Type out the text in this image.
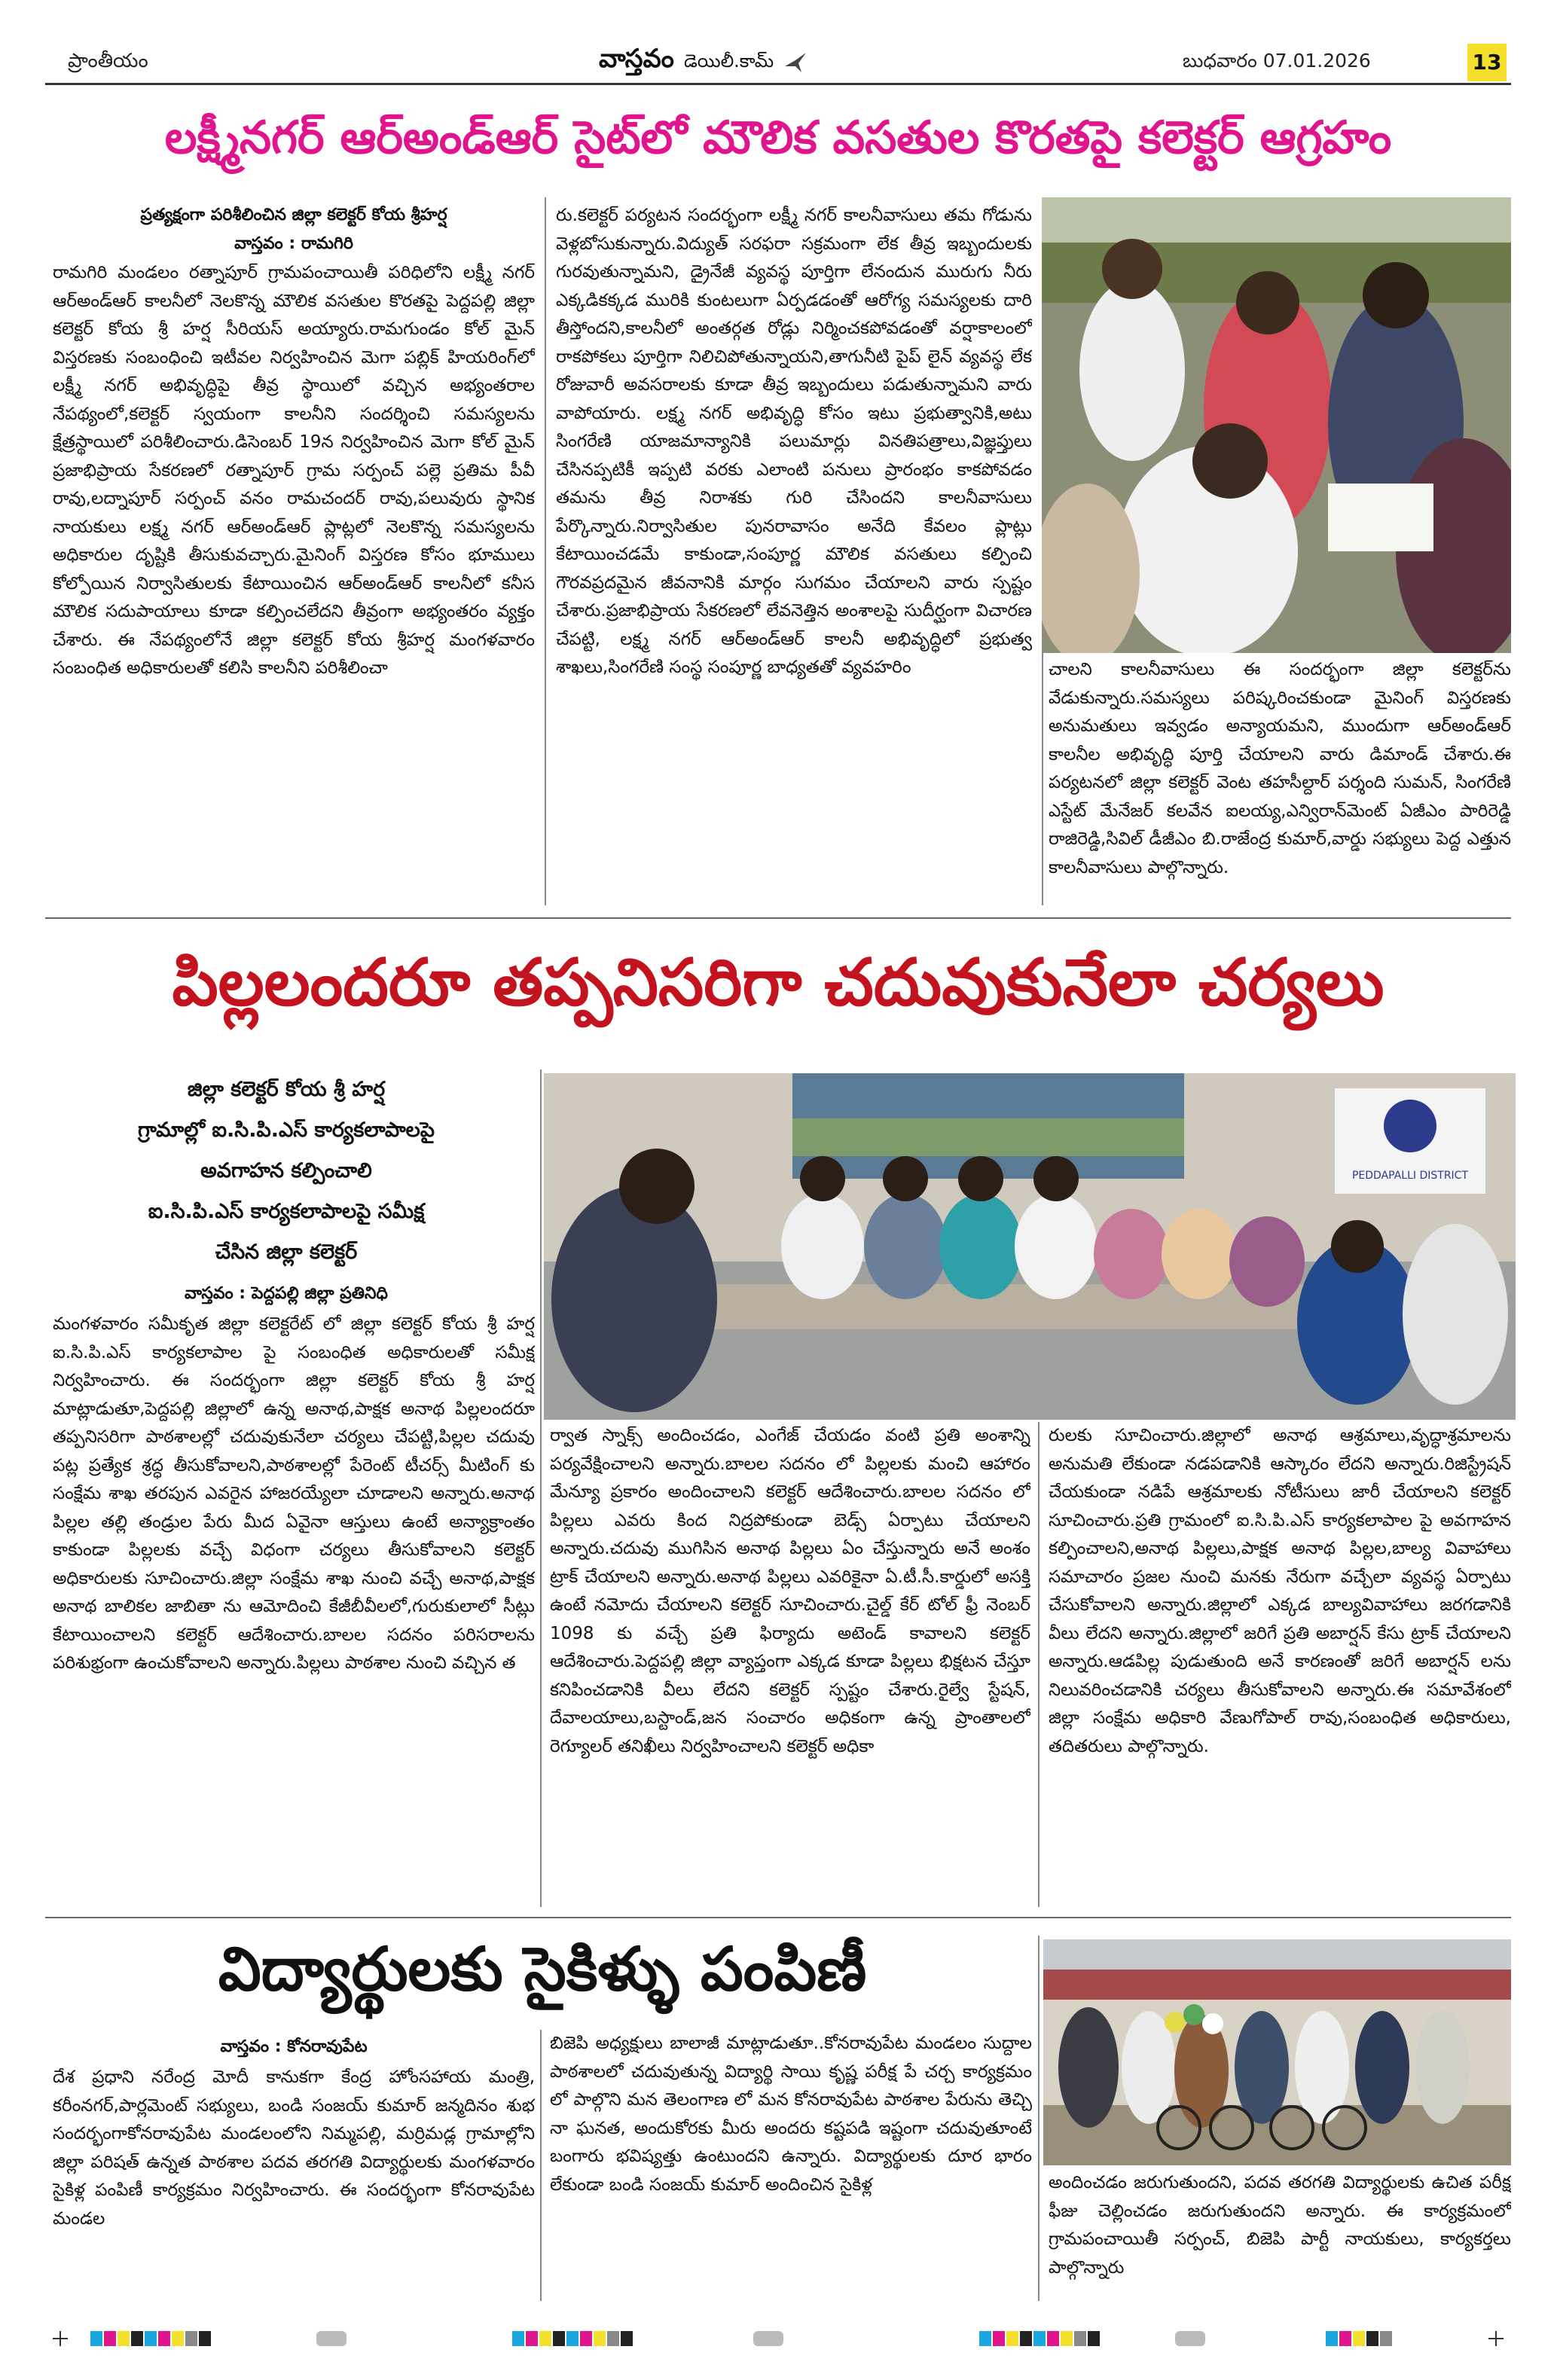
ప్రాంతీయం	వాస్తవం డెయిలీ.కామ్	బుధవారం 07.01.2026	13
లక్ష్మీనగర్ ఆర్అండ్ఆర్ సైట్‌లో మౌలిక వసతుల కొరతపై కలెక్టర్ ఆగ్రహం
ప్రత్యక్షంగా పరిశీలించిన జిల్లా కలెక్టర్ కోయ శ్రీహర్ష
వాస్తవం : రామగిరి

రామగిరి మండలం రత్నాపూర్ గ్రామపంచాయితీ పరిధిలోని లక్ష్మీ నగర్ ఆర్అండ్ఆర్ కాలనీలో నెలకొన్న మౌలిక వసతుల కొరతపై పెద్దపల్లి జిల్లా కలెక్టర్ కోయ శ్రీ హర్ష సీరియస్ అయ్యారు.రామగుండం కోల్ మైన్ విస్తరణకు సంబంధించి ఇటీవల నిర్వహించిన మెగా పబ్లిక్ హియరింగ్‌లో లక్ష్మీ నగర్ అభివృద్ధిపై తీవ్ర స్థాయిలో వచ్చిన అభ్యంతరాల నేపథ్యంలో,కలెక్టర్ స్వయంగా కాలనీని సందర్శించి సమస్యలను క్షేత్రస్థాయిలో పరిశీలించారు.డిసెంబర్ 19న నిర్వహించిన మెగా కోల్ మైన్ ప్రజాభిప్రాయ సేకరణలో రత్నాపూర్ గ్రామ సర్పంచ్ పల్లె ప్రతిమ పీవీ రావు,లద్నాపూర్ సర్పంచ్ వనం రామచందర్ రావు,పలువురు స్థానిక నాయకులు లక్ష్మ నగర్ ఆర్అండ్ఆర్ ప్లాట్లలో నెలకొన్న సమస్యలను అధికారుల దృష్టికి తీసుకువచ్చారు.మైనింగ్ విస్తరణ కోసం భూములు కోల్పోయిన నిర్వాసితులకు కేటాయించిన ఆర్అండ్ఆర్ కాలనీలో కనీస మౌలిక సదుపాయాలు కూడా కల్పించలేదని తీవ్రంగా అభ్యంతరం వ్యక్తం చేశారు. ఈ నేపథ్యంలోనే జిల్లా కలెక్టర్ కోయ శ్రీహర్ష మంగళవారం సంబంధిత అధికారులతో కలిసి కాలనీని పరిశీలించా

రు.కలెక్టర్ పర్యటన సందర్భంగా లక్ష్మీ నగర్ కాలనీవాసులు తమ గోడును వెళ్లబోసుకున్నారు.విద్యుత్ సరఫరా సక్రమంగా లేక తీవ్ర ఇబ్బందులకు గురవుతున్నామని, డ్రైనేజీ వ్యవస్థ పూర్తిగా లేనందున మురుగు నీరు ఎక్కడికక్కడ మురికి కుంటలుగా ఏర్పడడంతో ఆరోగ్య సమస్యలకు దారి తీస్తోందని,కాలనీలో అంతర్గత రోడ్లు నిర్మించకపోవడంతో వర్షాకాలంలో రాకపోకలు పూర్తిగా నిలిచిపోతున్నాయని,తాగునీటి పైప్ లైన్ వ్యవస్థ లేక రోజువారీ అవసరాలకు కూడా తీవ్ర ఇబ్బందులు పడుతున్నామని వారు వాపోయారు. లక్ష్మ నగర్ అభివృద్ధి కోసం ఇటు ప్రభుత్వానికి,అటు సింగరేణి యాజమాన్యానికి పలుమార్లు వినతిపత్రాలు,విజ్ఞప్తులు చేసినప్పటికీ ఇప్పటి వరకు ఎలాంటి పనులు ప్రారంభం కాకపోవడం తమను తీవ్ర నిరాశకు గురి చేసిందని కాలనీవాసులు పేర్కొన్నారు.నిర్వాసితుల పునరావాసం అనేది కేవలం ప్లాట్లు కేటాయించడమే కాకుండా,సంపూర్ణ మౌలిక వసతులు కల్పించి గౌరవప్రదమైన జీవనానికి మార్గం సుగమం చేయాలని వారు స్పష్టం చేశారు.ప్రజాభిప్రాయ సేకరణలో లేవనెత్తిన అంశాలపై సుదీర్ఘంగా విచారణ చేపట్టి, లక్ష్మ నగర్ ఆర్అండ్ఆర్ కాలనీ అభివృద్ధిలో ప్రభుత్వ శాఖలు,సింగరేణి సంస్థ సంపూర్ణ బాధ్యతతో వ్యవహరిం	చాలని కాలనీవాసులు ఈ సందర్భంగా జిల్లా కలెక్టర్‌ను వేడుకున్నారు.సమస్యలు పరిష్కరించకుండా మైనింగ్ విస్తరణకు అనుమతులు ఇవ్వడం అన్యాయమని, ముందుగా ఆర్అండ్ఆర్ కాలనీల అభివృద్ధి పూర్తి చేయాలని వారు డిమాండ్ చేశారు.ఈ పర్యటనలో జిల్లా కలెక్టర్ వెంట తహసీల్దార్ పర్శంది సుమన్, సింగరేణి ఎస్టేట్ మేనేజర్ కలవేన ఐలయ్య,ఎన్విరాన్‌మెంట్ ఏజీఎం పారిరెడ్డి రాజిరెడ్డి,సివిల్ డీజీఎం బి.రాజేంద్ర కుమార్,వార్డు సభ్యులు పెద్ద ఎత్తున కాలనీవాసులు పాల్గొన్నారు.

పిల్లలందరూ తప్పనిసరిగా చదువుకునేలా చర్యలు
జిల్లా కలెక్టర్ కోయ శ్రీ హర్ష
గ్రామాల్లో ఐ.సి.పి.ఎస్ కార్యకలాపాలపై
అవగాహన కల్పించాలి
ఐ.సి.పి.ఎస్ కార్యకలాపాలపై సమీక్ష
చేసిన జిల్లా కలెక్టర్
వాస్తవం : పెద్దపల్లి జిల్లా ప్రతినిధి

మంగళవారం సమీకృత జిల్లా కలెక్టరేట్ లో జిల్లా కలెక్టర్ కోయ శ్రీ హర్ష ఐ.సి.పి.ఎస్ కార్యకలాపాల పై సంబంధిత అధికారులతో సమీక్ష నిర్వహించారు. ఈ సందర్భంగా జిల్లా కలెక్టర్ కోయ శ్రీ హర్ష మాట్లాడుతూ,పెద్దపల్లి జిల్లాలో ఉన్న అనాథ,పాక్షక అనాథ పిల్లలందరూ తప్పనిసరిగా పాఠశాలల్లో చదువుకునేలా చర్యలు చేపట్టి,పిల్లల చదువు పట్ల ప్రత్యేక శ్రద్ధ తీసుకోవాలని,పాఠశాలల్లో పేరెంట్ టీచర్స్ మీటింగ్ కు సంక్షేమ శాఖ తరపున ఎవరైన హాజరయ్యేలా చూడాలని అన్నారు.అనాథ పిల్లల తల్లి తండ్రుల పేరు మీద ఏవైనా ఆస్తులు ఉంటే అన్యాక్రాంతం కాకుండా పిల్లలకు వచ్చే విధంగా చర్యలు తీసుకోవాలని కలెక్టర్ అధికారులకు సూచించారు.జిల్లా సంక్షేమ శాఖ నుంచి వచ్చే అనాథ,పాక్షక అనాథ బాలికల జాబితా ను ఆమోదించి కేజీబీవీలలో,గురుకులాలో సీట్లు కేటాయించాలని కలెక్టర్ ఆదేశించారు.బాలల సదనం పరిసరాలను పరిశుభ్రంగా ఉంచుకోవాలని అన్నారు.పిల్లలు పాఠశాల నుంచి వచ్చిన త

PEDDAPALLI DISTRICT

ర్వాత స్నాక్స్ అందించడం, ఎంగేజ్ చేయడం వంటి ప్రతి అంశాన్ని పర్యవేక్షించాలని అన్నారు.బాలల సదనం లో పిల్లలకు మంచి ఆహారం మేన్యూ ప్రకారం అందించాలని కలెక్టర్ ఆదేశించారు.బాలల సదనం లో పిల్లలు ఎవరు కింద నిద్రపోకుండా బెడ్స్ ఏర్పాటు చేయాలని అన్నారు.చదువు ముగిసిన అనాథ పిల్లలు ఏం చేస్తున్నారు అనే అంశం ట్రాక్ చేయాలని అన్నారు.అనాథ పిల్లలు ఎవరికైనా ఏ.టీ.సీ.కార్డులో అసక్తి ఉంటే నమోదు చేయాలని కలెక్టర్ సూచించారు.చైల్డ్ కేర్ టోల్ ఫ్రీ నెంబర్ 1098 కు వచ్చే ప్రతి ఫిర్యాదు అటెండ్ కావాలని కలెక్టర్ ఆదేశించారు.పెద్దపల్లి జిల్లా వ్యాప్తంగా ఎక్కడ కూడా పిల్లలు భిక్షటన చేస్తూ కనిపించడానికి వీలు లేదని కలెక్టర్ స్పష్టం చేశారు.రైల్వే స్టేషన్, దేవాలయాలు,బస్టాండ్,జన సంచారం అధికంగా ఉన్న ప్రాంతాలలో రెగ్యూలర్ తనిఖీలు నిర్వహించాలని కలెక్టర్ అధికా

రులకు సూచించారు.జిల్లాలో అనాథ ఆశ్రమాలు,వృద్ధాశ్రమాలను అనుమతి లేకుండా నడపడానికి ఆస్కారం లేదని అన్నారు.రిజిస్ట్రేషన్ చేయకుండా నడిపే ఆశ్రమాలకు నోటీసులు జారీ చేయాలని కలెక్టర్ సూచించారు.ప్రతి గ్రామంలో ఐ.సి.పి.ఎస్ కార్యకలాపాల పై అవగాహన కల్పించాలని,అనాథ పిల్లలు,పాక్షక అనాథ పిల్లల,బాల్య వివాహాలు సమాచారం ప్రజల నుంచి మనకు నేరుగా వచ్చేలా వ్యవస్థ ఏర్పాటు చేసుకోవాలని అన్నారు.జిల్లాలో ఎక్కడ బాల్యవివాహాలు జరగడానికి వీలు లేదని అన్నారు.జిల్లాలో జరిగే ప్రతి అబార్షన్ కేసు ట్రాక్ చేయాలని అన్నారు.ఆడపిల్ల పుడుతుంది అనే కారణంతో జరిగే అబార్షన్ లను నిలువరించడానికి చర్యలు తీసుకోవాలని అన్నారు.ఈ సమావేశంలో జిల్లా సంక్షేమ అధికారి వేణుగోపాల్ రావు,సంబంధిత అధికారులు, తదితరులు పాల్గొన్నారు.

విద్యార్థులకు సైకిళ్ళు పంపిణీ
వాస్తవం : కోనరావుపేట

దేశ ప్రధాని నరేంద్ర మోదీ కానుకగా కేంద్ర హోంసహాయ మంత్రి, కరీంనగర్,పార్లమెంట్ సభ్యులు, బండి సంజయ్ కుమార్ జన్మదినం శుభ సందర్భంగాకోనరావుపేట మండలంలోని నిమ్మపల్లి, మర్రిమడ్ల గ్రామాల్లోని జిల్లా పరిషత్ ఉన్నత పాఠశాల పదవ తరగతి విద్యార్థులకు మంగళవారం సైకిళ్ల పంపిణీ కార్యక్రమం నిర్వహించారు. ఈ సందర్భంగా కోనరావుపేట మండల

బిజెపి అధ్యక్షులు బాలాజీ మాట్లాడుతూ..కోనరావుపేట మండలం సుద్దాల పాఠశాలలో చదువుతున్న విద్యార్థి సాయి కృష్ణ పరీక్ష పే చర్చ కార్యక్రమం లో పాల్గొని మన తెలంగాణ లో మన కోనరావుపేట పాఠశాల పేరును తెచ్చి నా ఘనత, అందుకోరకు మీరు అందరు కష్టపడి ఇష్టంగా చదువుతూంటే బంగారు భవిష్యత్తు ఉంటుందని ఉన్నారు. విద్యార్థులకు దూర భారం లేకుండా బండి సంజయ్ కుమార్ అందించిన సైకిళ్ల	అందించడం జరుగుతుందని, పదవ తరగతి విద్యార్థులకు ఉచిత పరీక్ష ఫీజు చెల్లించడం జరుగుతుందని అన్నారు. ఈ కార్యక్రమంలో గ్రామపంచాయితీ సర్పంచ్, బిజెపి పార్టీ నాయకులు, కార్యకర్తలు పాల్గొన్నారు
